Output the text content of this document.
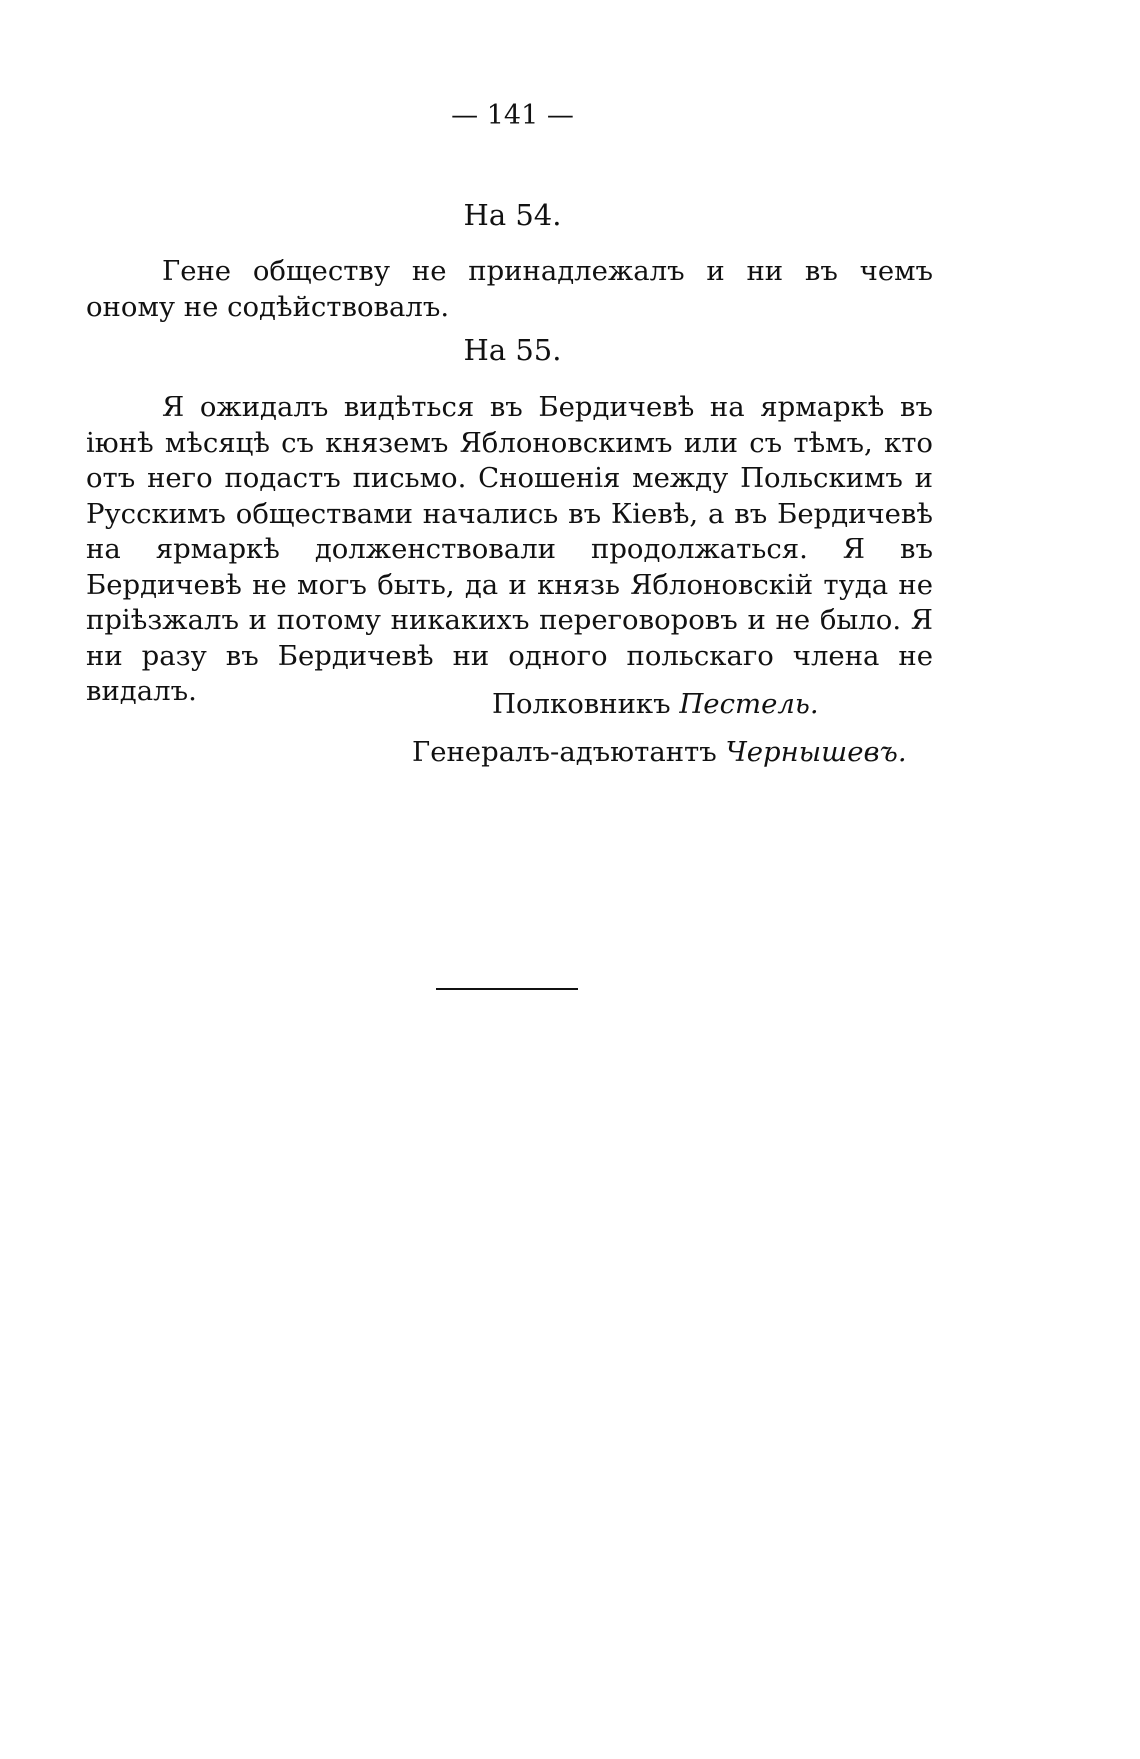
— 141 —
На 54.

Гене обществу не принадлежалъ и ни въ чемъ оному не содѣйствовалъ.

На 55.

Я ожидалъ видѣться въ Бердичевѣ на ярмаркѣ въ іюнѣ мѣсяцѣ съ княземъ Яблоновскимъ или съ тѣмъ, кто отъ него подастъ письмо. Сношенія между Польскимъ и Русскимъ обществами начались въ Кіевѣ, а въ Бердичевѣ на ярмаркѣ долженствовали продолжаться. Я въ Бердичевѣ не могъ быть, да и князь Яблоновскій туда не пріѣзжалъ и потому никакихъ переговоровъ и не было. Я ни разу въ Бердичевѣ ни одного польскаго члена не видалъ.	Полковникъ Пестель.
Генералъ-адъютантъ Чернышевъ.
